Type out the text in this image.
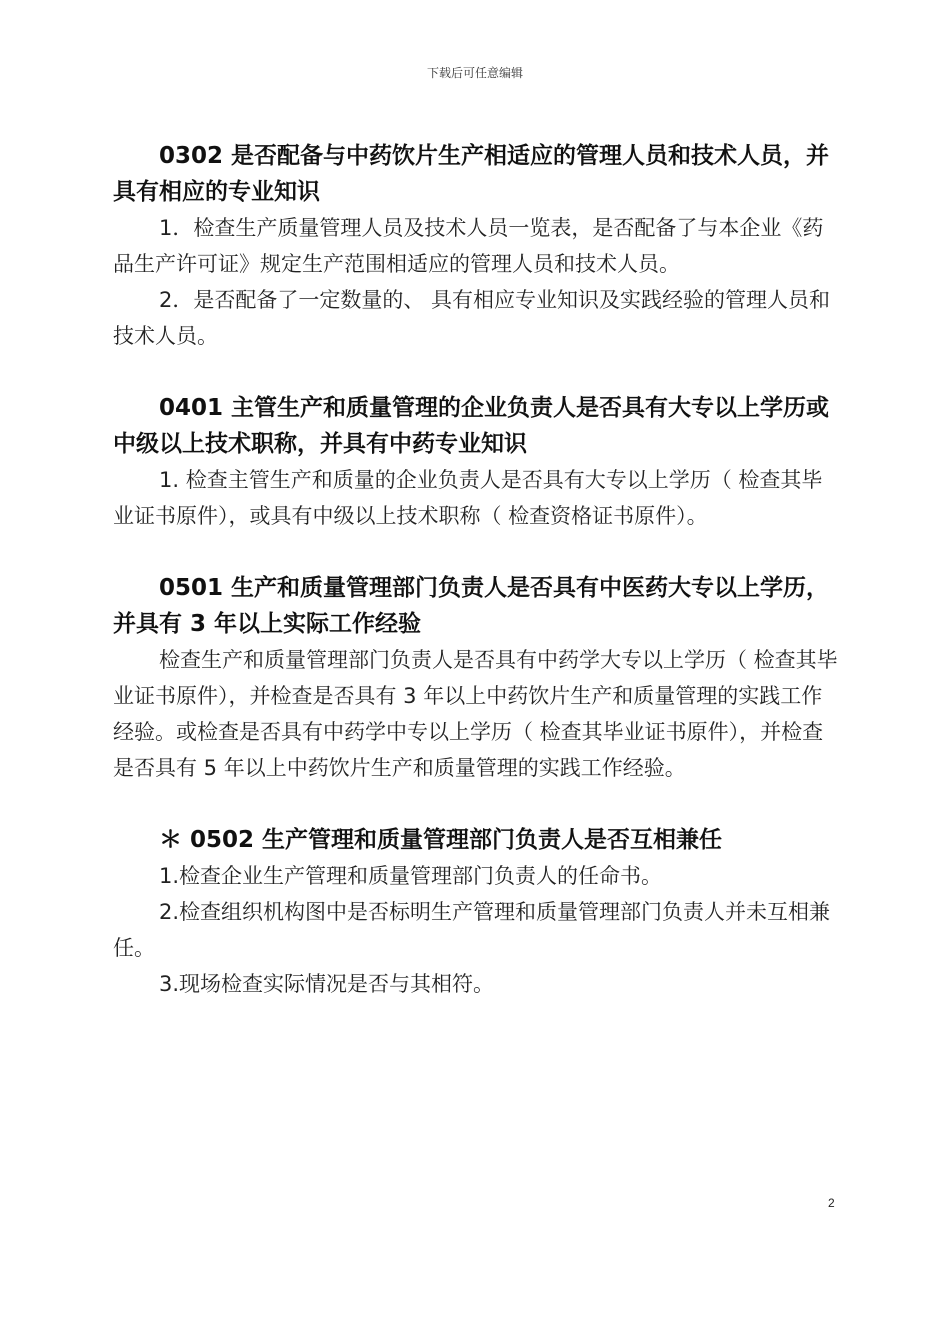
下载后可任意编辑

0302 是否配备与中药饮片生产相适应的管理人员和技术人员，并具有相应的专业知识

1．检查生产质量管理人员及技术人员一览表，是否配备了与本企业《药品生产许可证》规定生产范围相适应的管理人员和技术人员。

2．是否配备了一定数量的、 具有相应专业知识及实践经验的管理人员和技术人员。

0401 主管生产和质量管理的企业负责人是否具有大专以上学历或中级以上技术职称，并具有中药专业知识

1. 检查主管生产和质量的企业负责人是否具有大专以上学历（ 检查其毕业证书原件），或具有中级以上技术职称（ 检查资格证书原件）。

0501 生产和质量管理部门负责人是否具有中医药大专以上学历，并具有 3 年以上实际工作经验

检查生产和质量管理部门负责人是否具有中药学大专以上学历（ 检查其毕业证书原件），并检查是否具有 3 年以上中药饮片生产和质量管理的实践工作经验。或检查是否具有中药学中专以上学历（ 检查其毕业证书原件），并检查是否具有 5 年以上中药饮片生产和质量管理的实践工作经验。

＊ 0502 生产管理和质量管理部门负责人是否互相兼任

1.检查企业生产管理和质量管理部门负责人的任命书。

2.检查组织机构图中是否标明生产管理和质量管理部门负责人并未互相兼任。

3.现场检查实际情况是否与其相符。

2
